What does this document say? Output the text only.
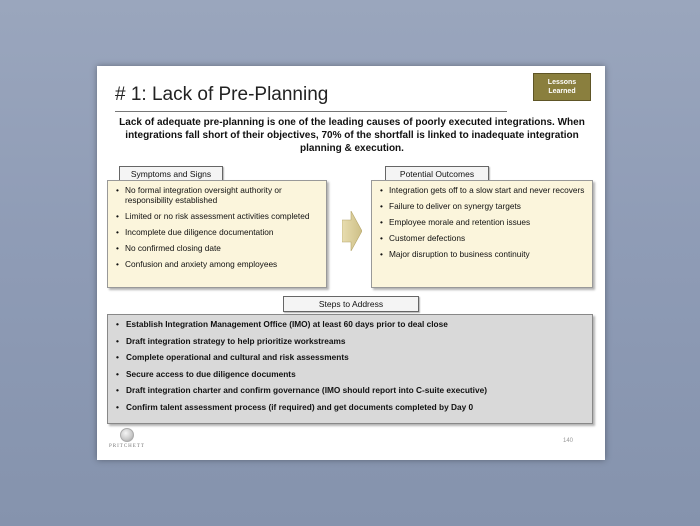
# 1: Lack of Pre-Planning
Lessons Learned
Lack of adequate pre-planning is one of the leading causes of poorly executed integrations. When integrations fall short of their objectives, 70% of the shortfall is linked to inadequate integration planning & execution.
Symptoms and Signs
• No formal integration oversight authority or responsibility established
• Limited or no risk assessment activities completed
• Incomplete due diligence documentation
• No confirmed closing date
• Confusion and anxiety among employees
Potential Outcomes
• Integration gets off to a slow start and never recovers
• Failure to deliver on synergy targets
• Employee morale and retention issues
• Customer defections
• Major disruption to business continuity
Steps to Address
• Establish Integration Management Office (IMO) at least 60 days prior to deal close
• Draft integration strategy to help prioritize workstreams
• Complete operational and cultural and risk assessments
• Secure access to due diligence documents
• Draft integration charter and confirm governance (IMO should report into C-suite executive)
• Confirm talent assessment process (if required) and get documents completed by Day 0
PRITCHETT
140
